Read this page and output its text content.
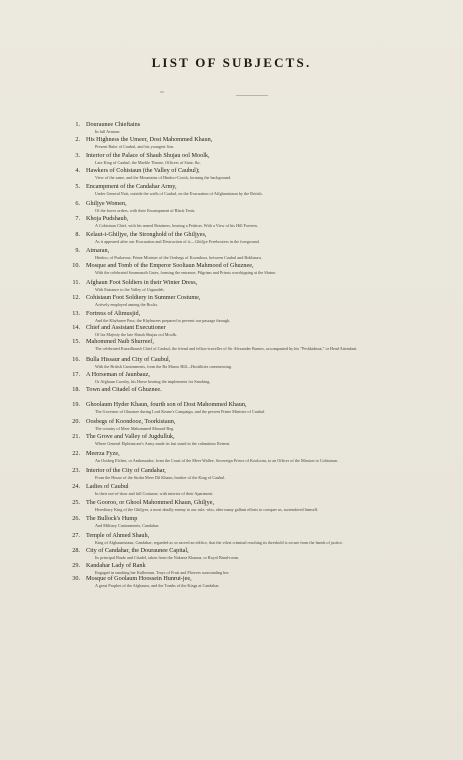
LIST OF SUBJECTS.
1. Douraunee Chieftains
In full Armour.
2. His Highness the Umeer, Dost Mahommed Khaun,
Present Ruler of Caubul, and his youngest Son.
3. Interior of the Palace of Shauh Shujau ool Moolk,
Late King of Caubul; the Marble Throne, Officers of State, &c.
4. Hawkers of Cohistaun (the Valley of Caubul);
View of the same, and the Mountains of Hindoo-Coosh, forming the background.
5. Encampment of the Candahar Army,
Under General Nott, outside the walls of Caubul, on the Evacuation of Affghanistaun by the British.
6. Ghiljye Women,
Of the lower orders, with their Encampment of Black Tents.
7. Khoja Pudshaub,
A Cohistaun Chief, with his armed Retainers, bearing a Petition. With a View of his Hill Fortress.
8. Kelaut-i-Ghiljye, the Stronghold of the Ghiljyes,
As it appeared after our Evacuation and Destruction of it.—Ghiljye Freebooters in the foreground.
9. Atmaran,
Hindoo, of Pushawur, Prime Minister of the Oosbegs of Koondooz, between Caubul and Bokhaura.
10. Mosque and Tomb of the Emperor Sooltaun Mahmood of Ghuznee,
With the celebrated Soomnauth Gates, forming the entrance; Pilgrims and Priests worshipping at the Shrine.
11. Afghaun Foot Soldiers in their Winter Dress,
With Entrance to the Valley of Urgundeh.
12. Cohistaun Foot Soldiery in Summer Costume,
Actively employed among the Rocks.
13. Fortress of Alimusjid,
And the Khyburee Pass; the Khyburees prepared to prevent our passage through.
14. Chief and Assistant Executioner
Of his Majesty the late Shauh Shujau ool Moolk.
15. Mahommed Naib Shurreef,
The celebrated Kuzzilbaush Chief of Caubul, the friend and fellow-traveller of Sir Alexander Burnes, accompanied by his "Peshkidmut," or Head Attendant.
16. Bulla Hissaur and City of Caubul,
With the British Cantonments, from the Ba Maroo Hill—Hostilities commencing.
17. A Horseman of Jaunbauz,
Or Afghaun Cavalry, his Horse bearing the implements for Smoking.
18. Town and Citadel of Ghuznee.
19. Ghoolaum Hyder Khaun, fourth son of Dost Mahommed Khaun,
The Governor of Ghuznee during Lord Keane's Campaign, and the present Prime Minister of Caubul.
20. Oosbegs of Koondooz, Toorkistaun,
The country of Meer Mahommed Moorad Beg.
21. The Grove and Valley of Jugdulluk,
Where General Elphinstone's Army made its last stand in the calamitous Retreat.
22. Meerza Fyze,
An Oosbeg Elchee, or Ambassador, from the Court of the Meer Wallee, Sovereign Prince of Kooloom, to an Officer of the Mission to Cohistaun.
23. Interior of the City of Candahar,
From the House of the Sirdar Meer Dil Khaun, brother of the King of Caubul.
24. Ladies of Caubul
In their out-of-door and full Costume, with interior of their Apartment.
25. The Gooroo, or Ghool Mahommed Khaun, Ghiljye,
Hereditary King of the Ghiljyes, a most deadly enemy to our rule, who, after many gallant efforts to conquer us, surrendered himself.
26. The Bullock's Hump
And Military Cantonments, Candahar.
27. Temple of Ahmed Shauh,
King of Afghaunistaun, Candahar; regarded as so sacred an edifice, that the vilest criminal reaching its threshold is secure from the hands of justice.
28. City of Candahar, the Douraunee Capital,
Its principal Bazâr and Citadel, taken from the Nakarra Khauna, or Royal Band-room.
29. Kandahar Lady of Rank
Engaged in smoking her Kulleeaun. Trays of Fruit and Flowers surrounding her.
30. Mosque of Goolaum Hoossein Hunrut-jee,
A great Prophet of the Afghauns, and the Tombs of the Kings at Candahar.
